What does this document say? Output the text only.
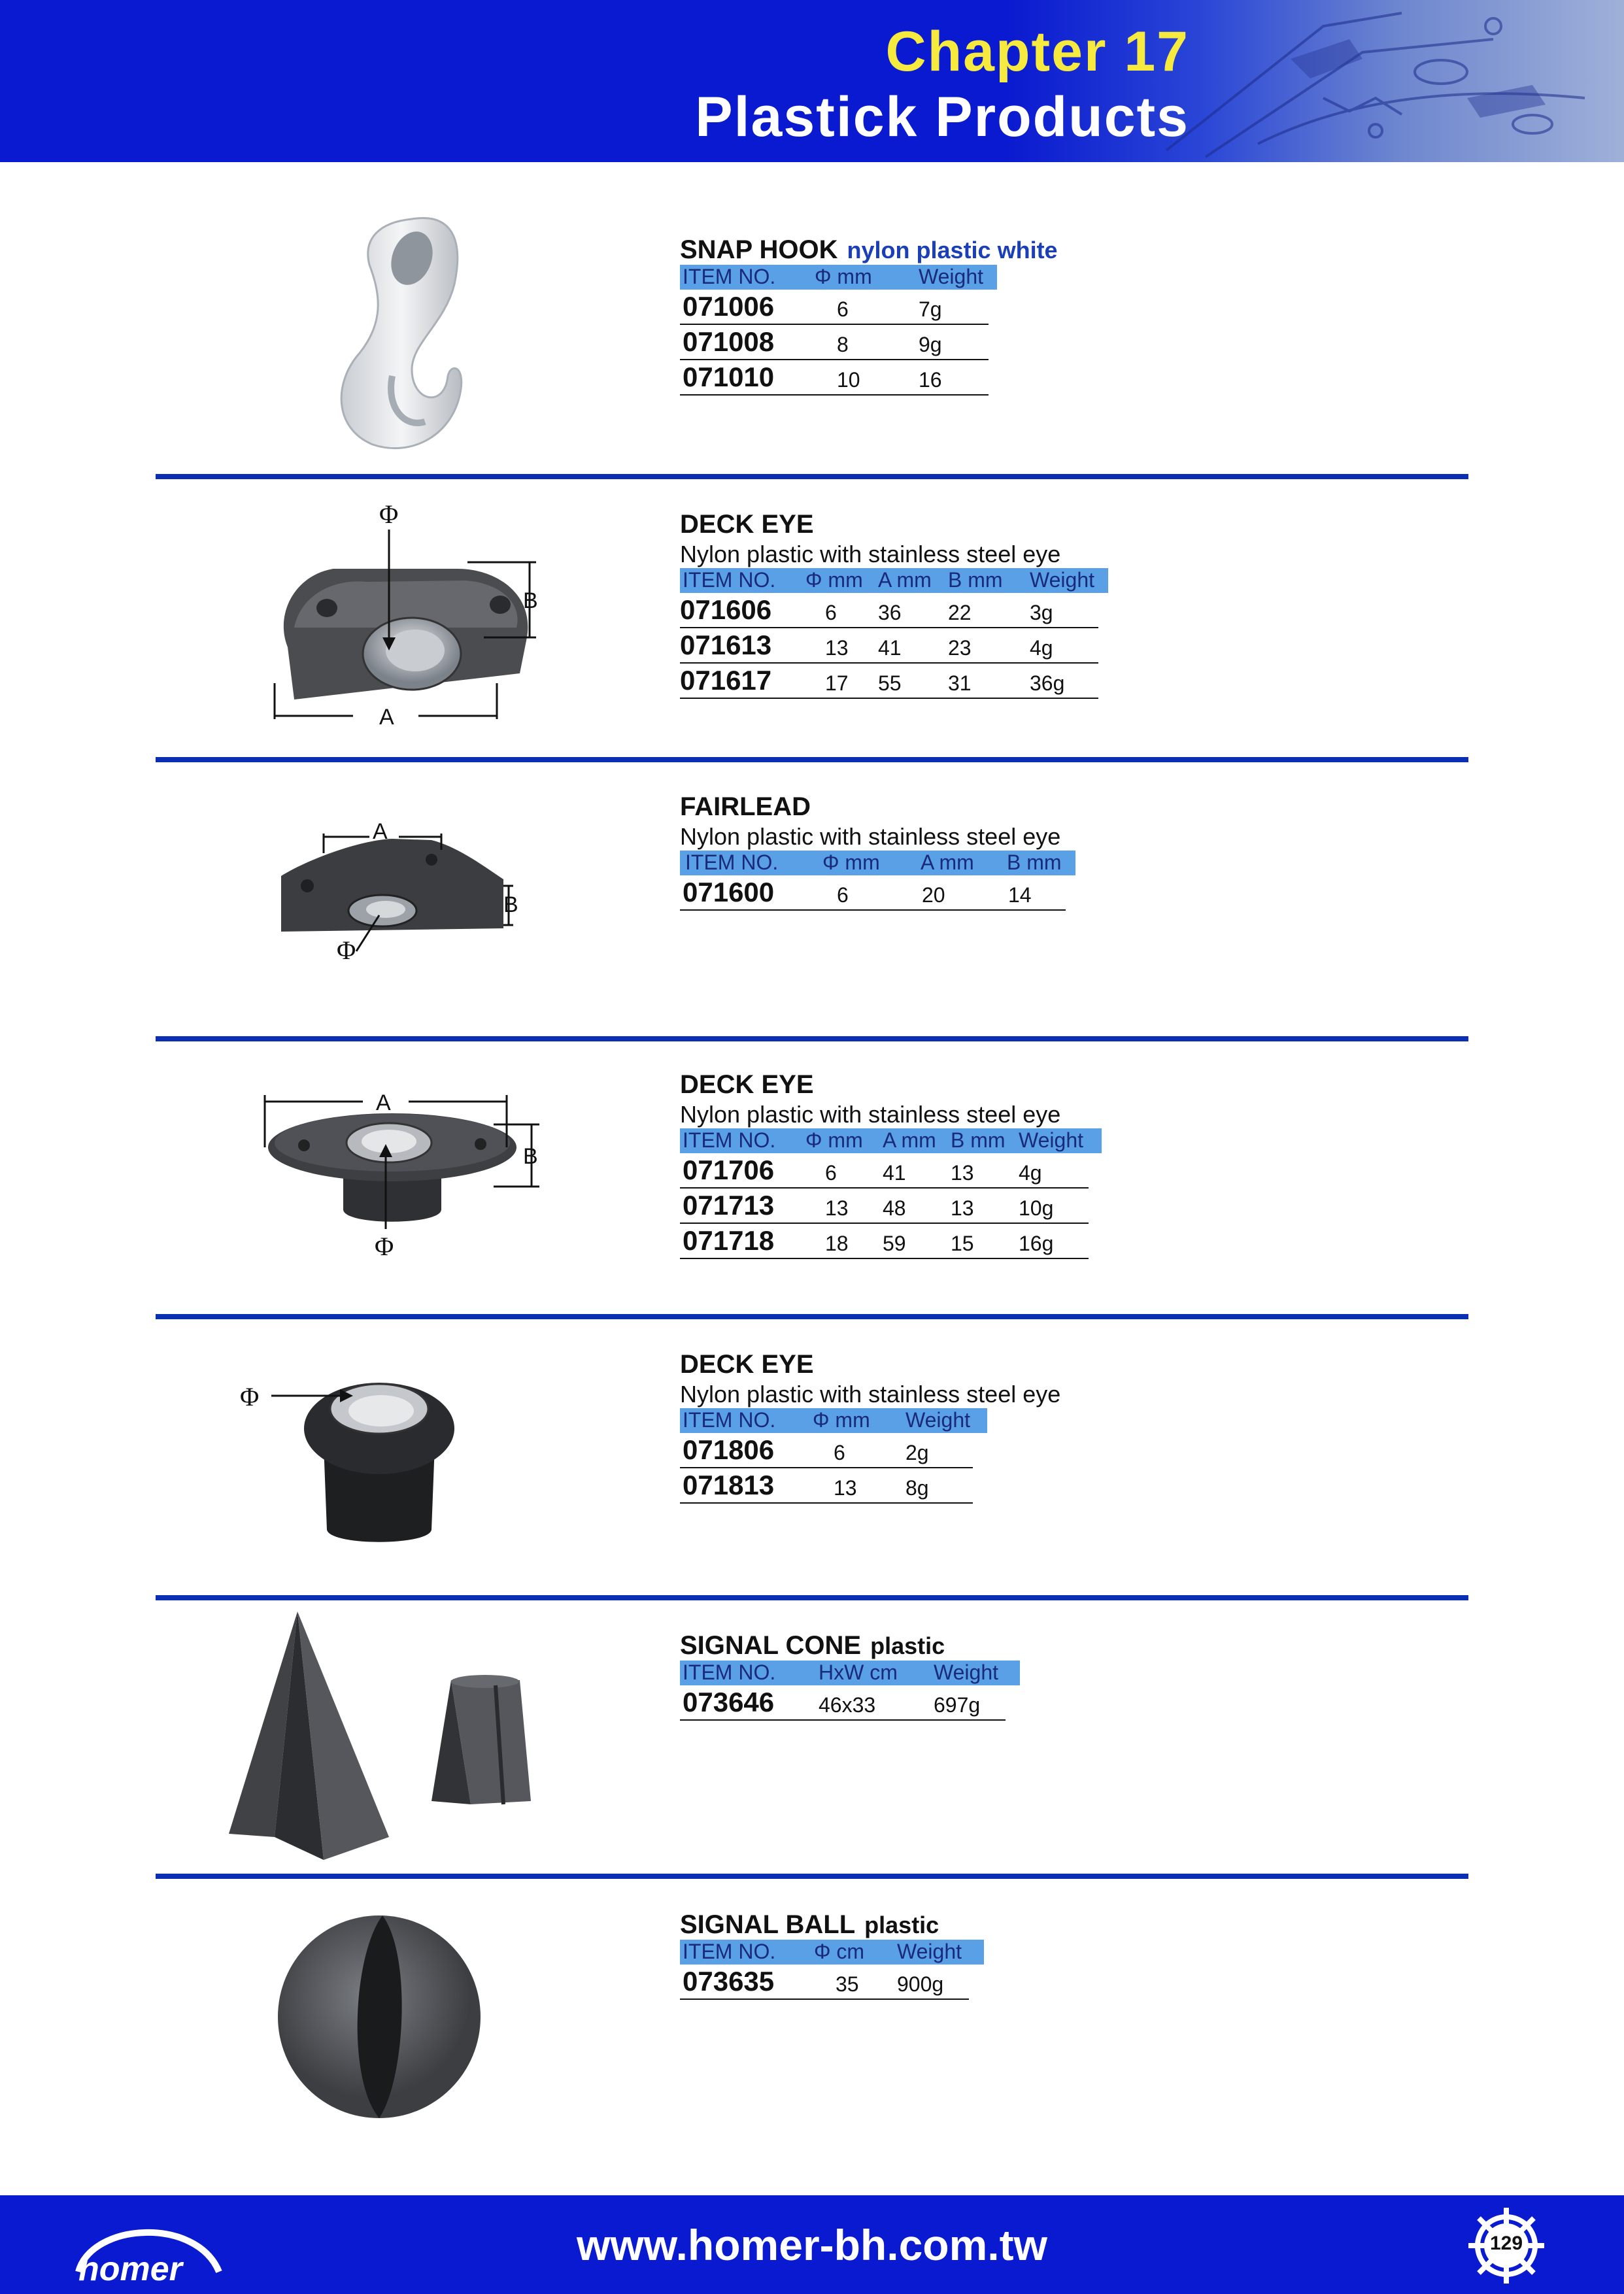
Chapter 17
Plastick Products
SNAP HOOK nylon plastic white
ITEM NO. Φ mm Weight
071006	6	7g
071008	8	9g
071010	10	16
Φ
B
A
DECK EYE
Nylon plastic with stainless steel eye
ITEM NO. Φ mm A mm B mm Weight
071606	6 36 22	3g
071613	13 41 23	4g
071617	17 55 31	36g
A
B
Φ
FAIRLEAD
Nylon plastic with stainless steel eye
ITEM NO. Φ mm A mm B mm
071600	6	20	14
A
B
Φ
DECK EYE
Nylon plastic with stainless steel eye
ITEM NO. Φ mm A mm B mm Weight
071706 6 41 13 4g
071713 13 48 13 10g
071718 18 59 15 16g
Φ
DECK EYE
Nylon plastic with stainless steel eye
ITEM NO. Φ mm Weight
071806	6	2g
071813	13 8g
SIGNAL CONE plastic
ITEM NO. HxW cm Weight
073646 46x33	697g
SIGNAL BALL plastic
ITEM NO. Φ cm Weight
073635	35 900g
homer	www.homer-bh.com.tw	129
